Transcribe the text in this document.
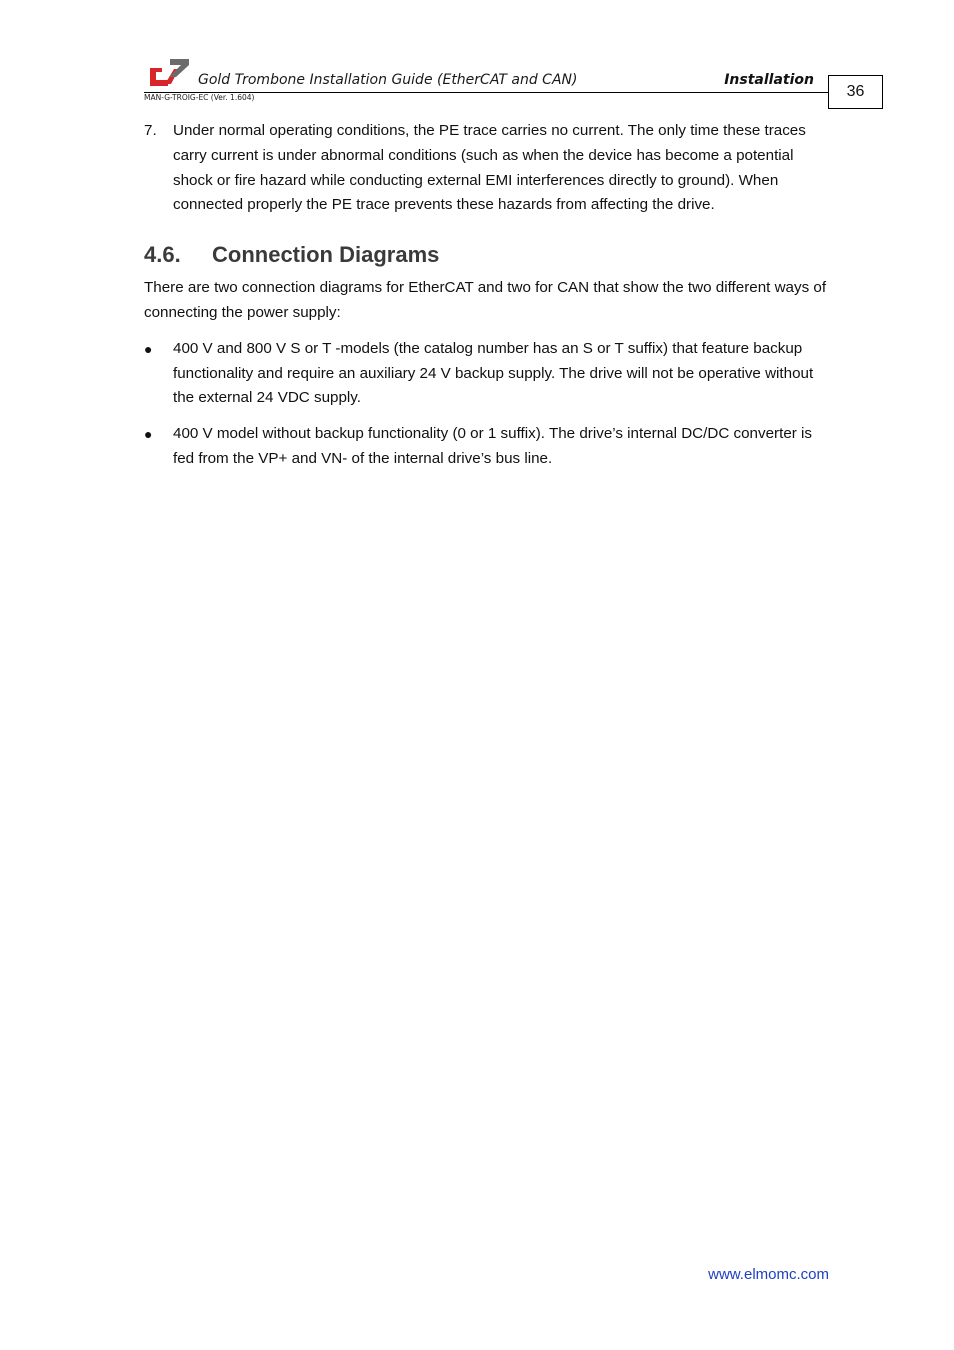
Gold Trombone Installation Guide (EtherCAT and CAN)	Installation
36
MAN-G-TROIG-EC (Ver. 1.604)

7. Under normal operating conditions, the PE trace carries no current. The only time these traces carry current is under abnormal conditions (such as when the device has become a potential shock or fire hazard while conducting external EMI interferences directly to ground). When connected properly the PE trace prevents these hazards from affecting the drive.

4.6.	Connection Diagrams

There are two connection diagrams for EtherCAT and two for CAN that show the two different ways of connecting the power supply:

● 400 V and 800 V S or T -models (the catalog number has an S or T suffix) that feature backup functionality and require an auxiliary 24 V backup supply. The drive will not be operative without the external 24 VDC supply.
● 400 V model without backup functionality (0 or 1 suffix). The drive’s internal DC/DC converter is fed from the VP+ and VN- of the internal drive’s bus line.
www.elmomc.com
